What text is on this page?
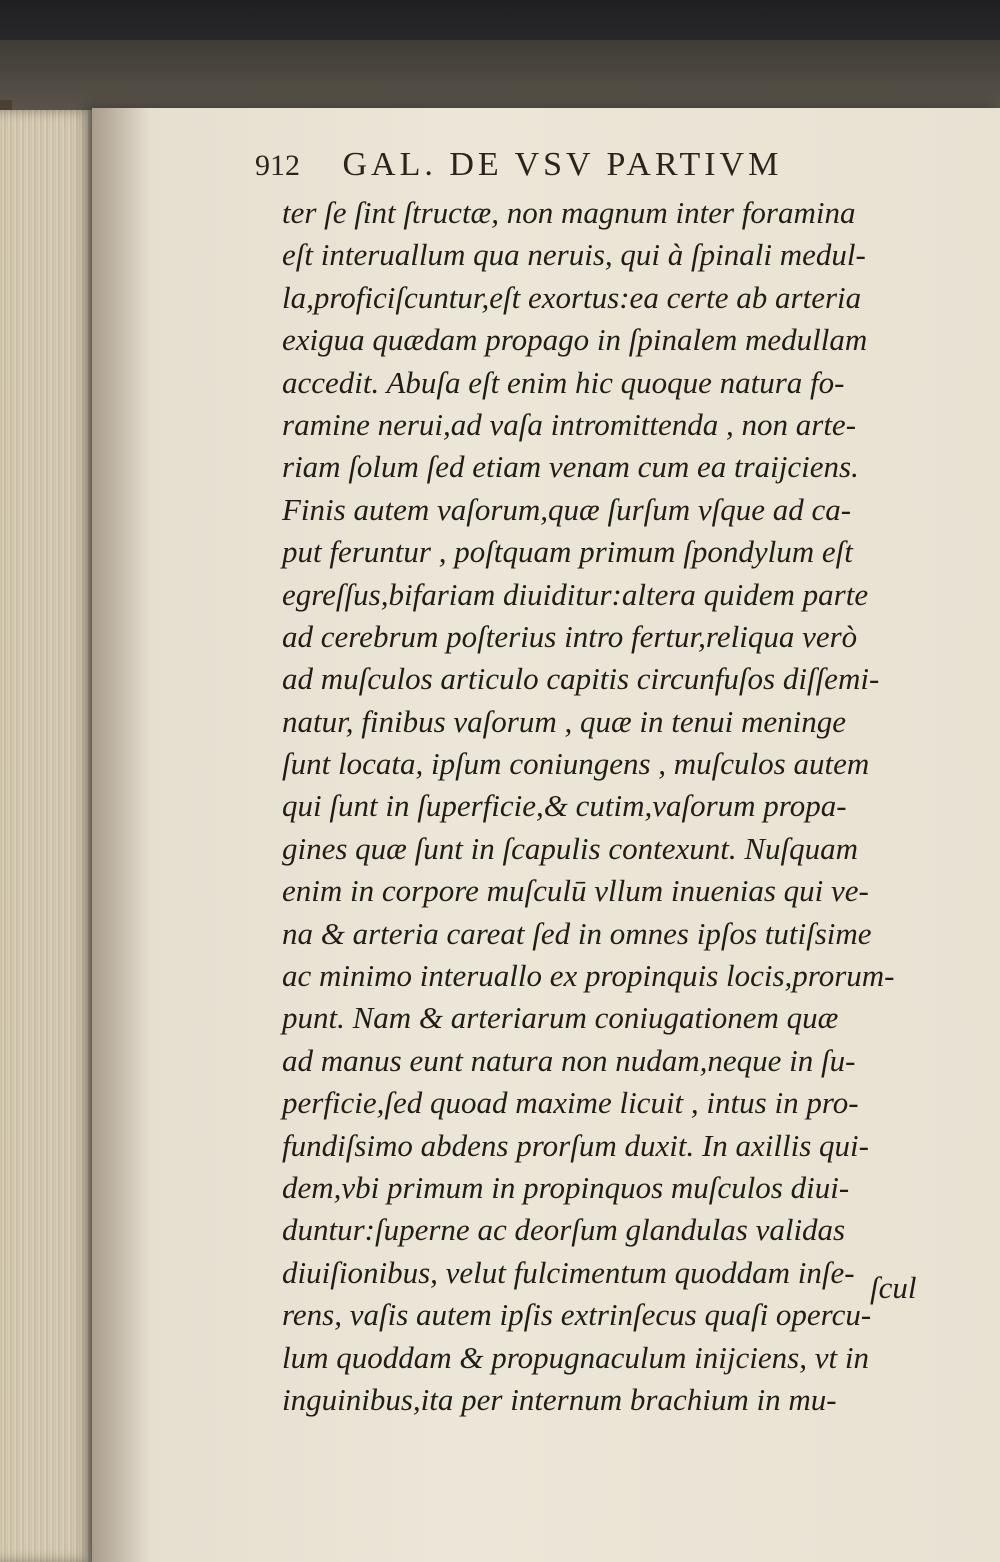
912 GAL. DE VSV PARTIVM
ter ſe ſint ſtructæ, non magnum inter foramina
eſt interuallum qua neruis, qui à ſpinali medul-
la,proficiſcuntur,eſt exortus:ea certe ab arteria
exigua quædam propago in ſpinalem medullam
accedit. Abuſa eſt enim hic quoque natura fo-
ramine nerui,ad vaſa intromittenda , non arte-
riam ſolum ſed etiam venam cum ea traijciens.
Finis autem vaſorum,quæ ſurſum vſque ad ca-
put feruntur , poſtquam primum ſpondylum eſt
egreſſus,bifariam diuiditur:altera quidem parte
ad cerebrum poſterius intro fertur,reliqua verò
ad muſculos articulo capitis circunfuſos diſſemi-
natur, finibus vaſorum , quæ in tenui meninge
ſunt locata, ipſum coniungens , muſculos autem
qui ſunt in ſuperficie,& cutim,vaſorum propa-
gines quæ ſunt in ſcapulis contexunt. Nuſquam
enim in corpore muſculū vllum inuenias qui ve-
na & arteria careat ſed in omnes ipſos tutiſsime
ac minimo interuallo ex propinquis locis,prorum-
punt. Nam & arteriarum coniugationem quæ
ad manus eunt natura non nudam,neque in ſu-
perficie,ſed quoad maxime licuit , intus in pro-
fundiſsimo abdens prorſum duxit. In axillis qui-
dem,vbi primum in propinquos muſculos diui-
duntur:ſuperne ac deorſum glandulas validas
diuiſionibus, velut fulcimentum quoddam inſe-
rens, vaſis autem ipſis extrinſecus quaſi opercu-
lum quoddam & propugnaculum inijciens, vt in
inguinibus,ita per internum brachium in mu-
ſcul
